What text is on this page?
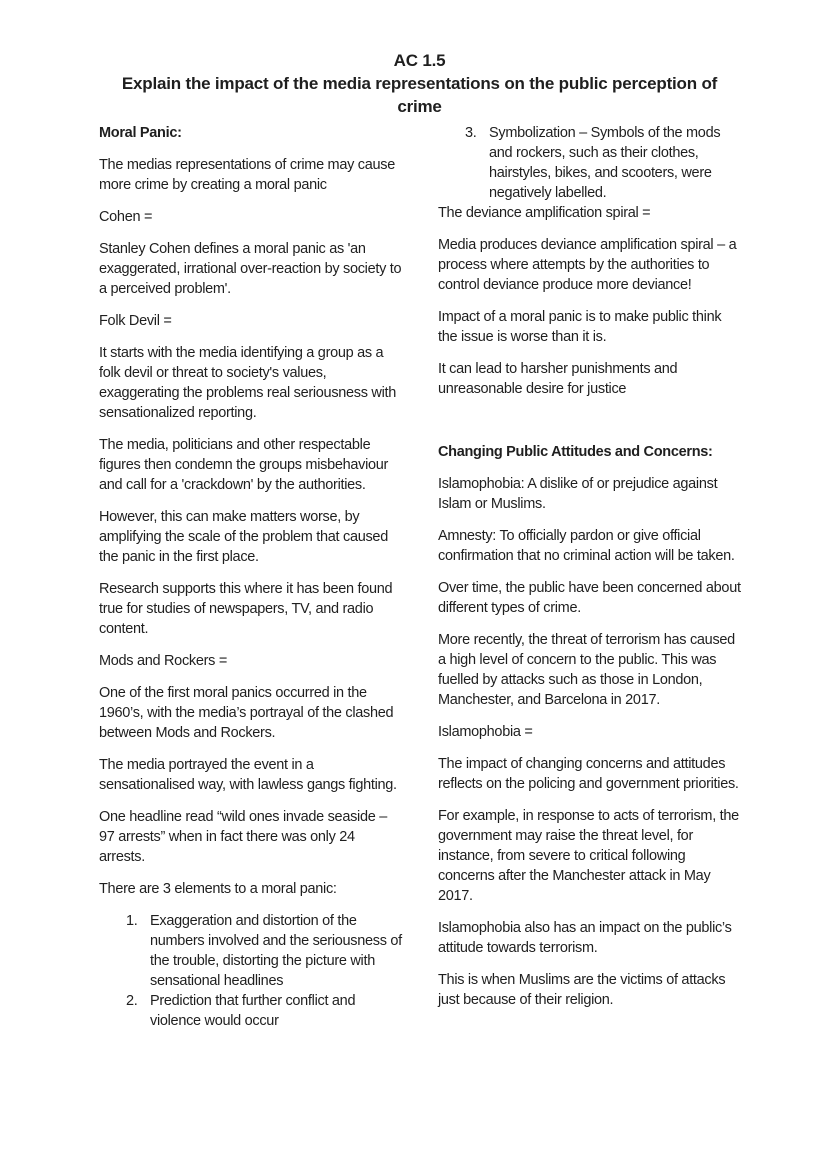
AC 1.5
Explain the impact of the media representations on the public perception of
crime

Moral Panic:

The medias representations of crime may cause more crime by creating a moral panic

Cohen =

Stanley Cohen defines a moral panic as 'an exaggerated, irrational over-reaction by society to a perceived problem'.

Folk Devil =

It starts with the media identifying a group as a folk devil or threat to society's values, exaggerating the problems real seriousness with sensationalized reporting.

The media, politicians and other respectable figures then condemn the groups misbehaviour and call for a 'crackdown' by the authorities.

However, this can make matters worse, by amplifying the scale of the problem that caused the panic in the first place.

Research supports this where it has been found true for studies of newspapers, TV, and radio content.

Mods and Rockers =

One of the first moral panics occurred in the 1960’s, with the media’s portrayal of the clashed between Mods and Rockers.

The media portrayed the event in a sensationalised way, with lawless gangs fighting.

One headline read “wild ones invade seaside – 97 arrests” when in fact there was only 24 arrests.

There are 3 elements to a moral panic:

1. Exaggeration and distortion of the numbers involved and the seriousness of the trouble, distorting the picture with sensational headlines
2. Prediction that further conflict and violence would occur
3. Symbolization – Symbols of the mods and rockers, such as their clothes, hairstyles, bikes, and scooters, were negatively labelled.

The deviance amplification spiral =

Media produces deviance amplification spiral – a process where attempts by the authorities to control deviance produce more deviance!

Impact of a moral panic is to make public think the issue is worse than it is.

It can lead to harsher punishments and unreasonable desire for justice

Changing Public Attitudes and Concerns:

Islamophobia: A dislike of or prejudice against Islam or Muslims.

Amnesty: To officially pardon or give official confirmation that no criminal action will be taken.

Over time, the public have been concerned about different types of crime.

More recently, the threat of terrorism has caused a high level of concern to the public. This was fuelled by attacks such as those in London, Manchester, and Barcelona in 2017.

Islamophobia =

The impact of changing concerns and attitudes reflects on the policing and government priorities.

For example, in response to acts of terrorism, the government may raise the threat level, for instance, from severe to critical following concerns after the Manchester attack in May 2017.

Islamophobia also has an impact on the public’s attitude towards terrorism.

This is when Muslims are the victims of attacks just because of their religion.
